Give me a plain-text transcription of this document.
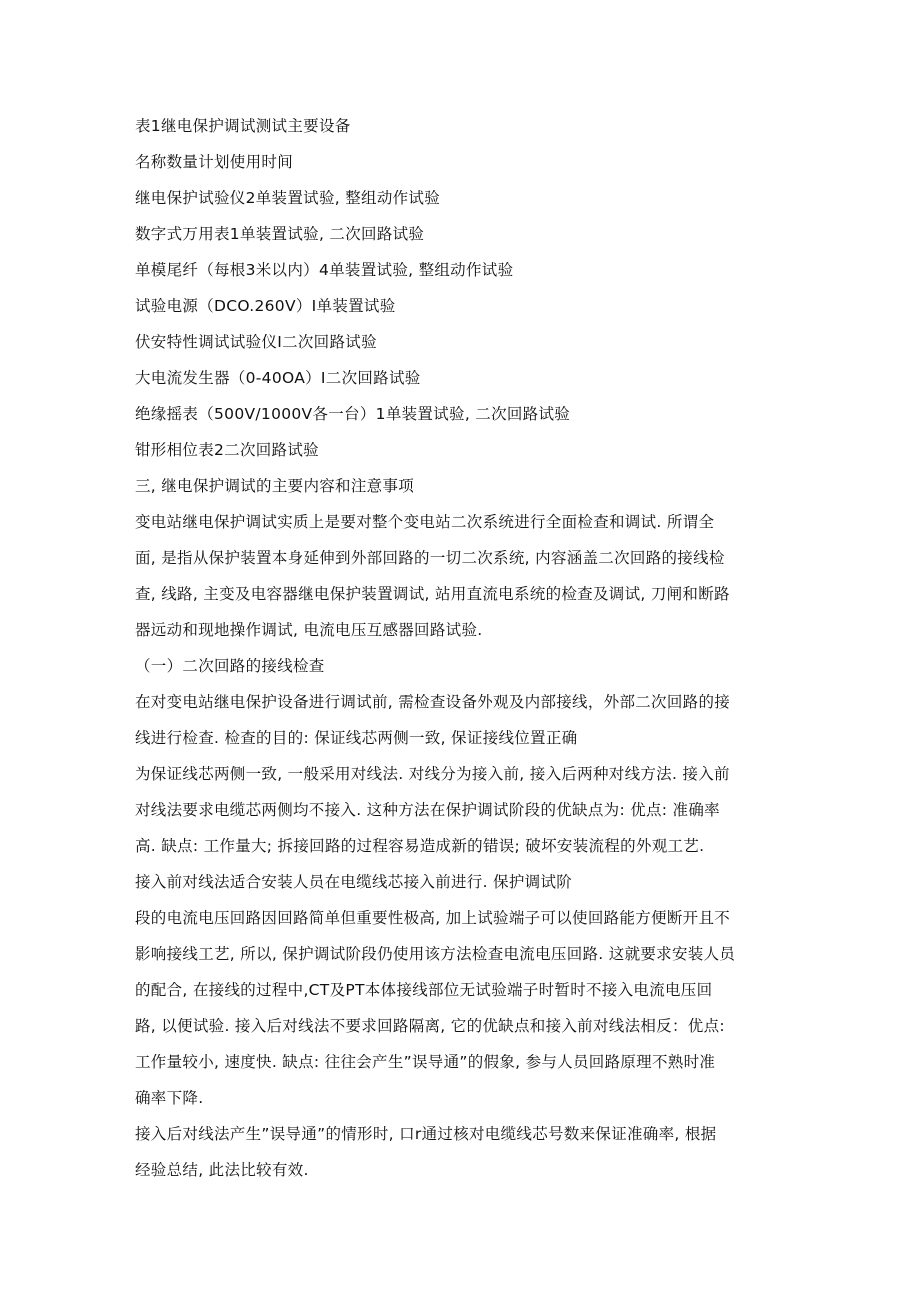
表1继电保护调试测试主要设备
名称数量计划使用时间
继电保护试验仪2单装置试验, 整组动作试验
数字式万用表1单装置试验, 二次回路试验
单模尾纤（每根3米以内）4单装置试验, 整组动作试验
试验电源（DCO.260V）I单装置试验
伏安特性调试试验仪I二次回路试验
大电流发生器（0-40OA）I二次回路试验
绝缘摇表（500V/1000V各一台）1单装置试验, 二次回路试验
钳形相位表2二次回路试验
三, 继电保护调试的主要内容和注意事项
变电站继电保护调试实质上是要对整个变电站二次系统进行全面检查和调试. 所谓全
面, 是指从保护装置本身延伸到外部回路的一切二次系统, 内容涵盖二次回路的接线检
查, 线路, 主变及电容器继电保护装置调试, 站用直流电系统的检查及调试, 刀闸和断路
器远动和现地操作调试, 电流电压互感器回路试验.
（一）二次回路的接线检查
在对变电站继电保护设备进行调试前, 需检查设备外观及内部接线，外部二次回路的接
线进行检查. 检查的目的: 保证线芯两侧一致, 保证接线位置正确
为保证线芯两侧一致, 一般采用对线法. 对线分为接入前, 接入后两种对线方法. 接入前
对线法要求电缆芯两侧均不接入. 这种方法在保护调试阶段的优缺点为: 优点: 准确率
高. 缺点: 工作量大; 拆接回路的过程容易造成新的错误; 破坏安装流程的外观工艺.
接入前对线法适合安装人员在电缆线芯接入前进行. 保护调试阶
段的电流电压回路因回路简单但重要性极高, 加上试验端子可以使回路能方便断开且不
影响接线工艺, 所以, 保护调试阶段仍使用该方法检查电流电压回路. 这就要求安装人员
的配合, 在接线的过程中,CT及PT本体接线部位无试验端子时暂时不接入电流电压回
路, 以便试验. 接入后对线法不要求回路隔离, 它的优缺点和接入前对线法相反：优点:
工作量较小, 速度快. 缺点: 往往会产生”误导通”的假象, 参与人员回路原理不熟时准
确率下降.
接入后对线法产生”误导通”的情形时, 口r通过核对电缆线芯号数来保证准确率, 根据
经验总结, 此法比较有效.
